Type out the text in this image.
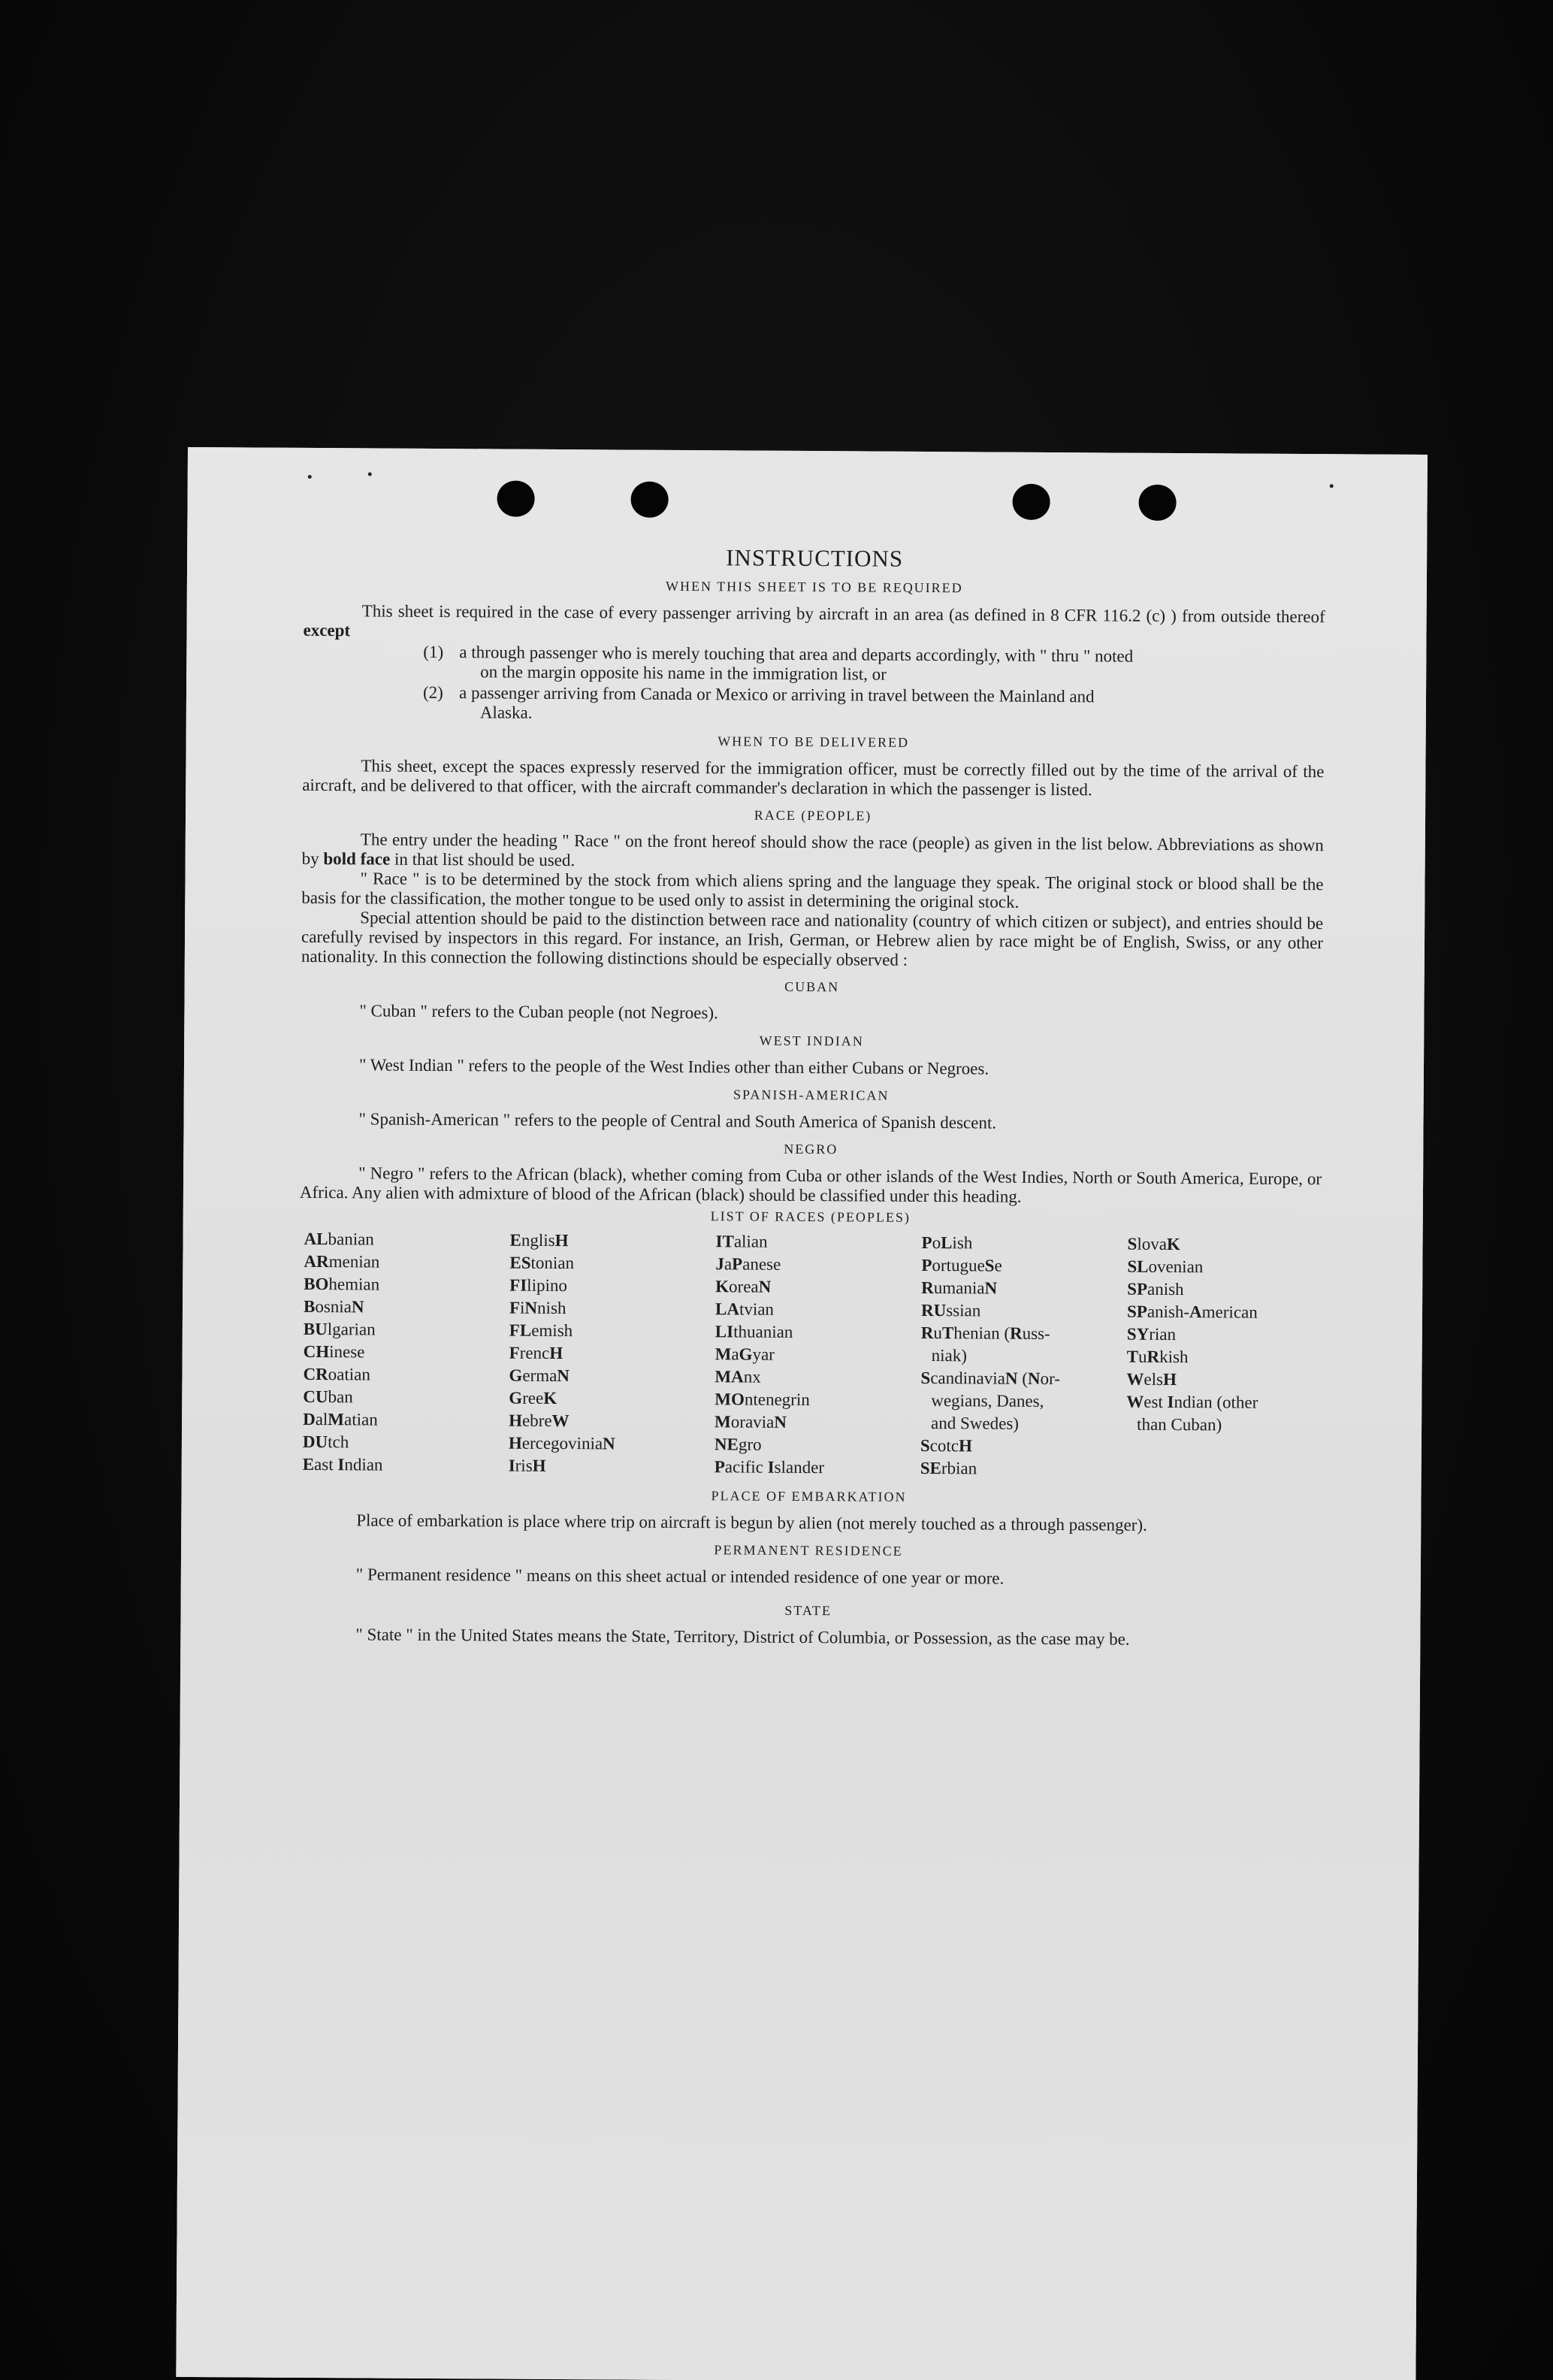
INSTRUCTIONS
WHEN THIS SHEET IS TO BE REQUIRED

This sheet is required in the case of every passenger arriving by aircraft in an area (as defined in 8 CFR 116.2 (c) ) from outside thereof except

(1) a through passenger who is merely touching that area and departs accordingly, with " thru " noted
on the margin opposite his name in the immigration list, or
(2) a passenger arriving from Canada or Mexico or arriving in travel between the Mainland and
Alaska.
WHEN TO BE DELIVERED

This sheet, except the spaces expressly reserved for the immigration officer, must be correctly filled out by the time of the arrival of the aircraft, and be delivered to that officer, with the aircraft commander's declaration in which the passenger is listed.

RACE (PEOPLE)

The entry under the heading " Race " on the front hereof should show the race (people) as given in the list below. Abbreviations as shown by bold face in that list should be used.

" Race " is to be determined by the stock from which aliens spring and the language they speak. The original stock or blood shall be the basis for the classification, the mother tongue to be used only to assist in determining the original stock.

Special attention should be paid to the distinction between race and nationality (country of which citizen or subject), and entries should be carefully revised by inspectors in this regard. For instance, an Irish, German, or Hebrew alien by race might be of English, Swiss, or any other nationality. In this connection the following distinctions should be especially observed :

CUBAN

" Cuban " refers to the Cuban people (not Negroes).

WEST INDIAN

" West Indian " refers to the people of the West Indies other than either Cubans or Negroes.

SPANISH-AMERICAN

" Spanish-American " refers to the people of Central and South America of Spanish descent.

NEGRO

" Negro " refers to the African (black), whether coming from Cuba or other islands of the West Indies, North or South America, Europe, or Africa. Any alien with admixture of blood of the African (black) should be classified under this heading.

LIST OF RACES (PEOPLES)
ALbanian
ARmenian
BOhemian
BosniaN
BUlgarian
CHinese
CRoatian
CUban
DalMatian
DUtch
East Indian
EnglisH
EStonian
FIlipino
FiNnish
FLemish
FrencH
GermaN
GreeK
HebreW
HercegoviniaN
IrisH
ITalian
JaPanese
KoreaN
LAtvian
LIthuanian
MaGyar
MAnx
MOntenegrin
MoraviaN
NEgro
Pacific Islander
PoLish
PortugueSe
RumaniaN
RUssian
RuThenian (Russ-
niak)
ScandinaviaN (Nor-
wegians, Danes,
and Swedes)
ScotcH
SErbian
SlovaK
SLovenian
SPanish
SPanish-American
SYrian
TuRkish
WelsH
West Indian (other
than Cuban)
PLACE OF EMBARKATION

Place of embarkation is place where trip on aircraft is begun by alien (not merely touched as a through passenger).

PERMANENT RESIDENCE

" Permanent residence " means on this sheet actual or intended residence of one year or more.

STATE

" State " in the United States means the State, Territory, District of Columbia, or Possession, as the case may be.
